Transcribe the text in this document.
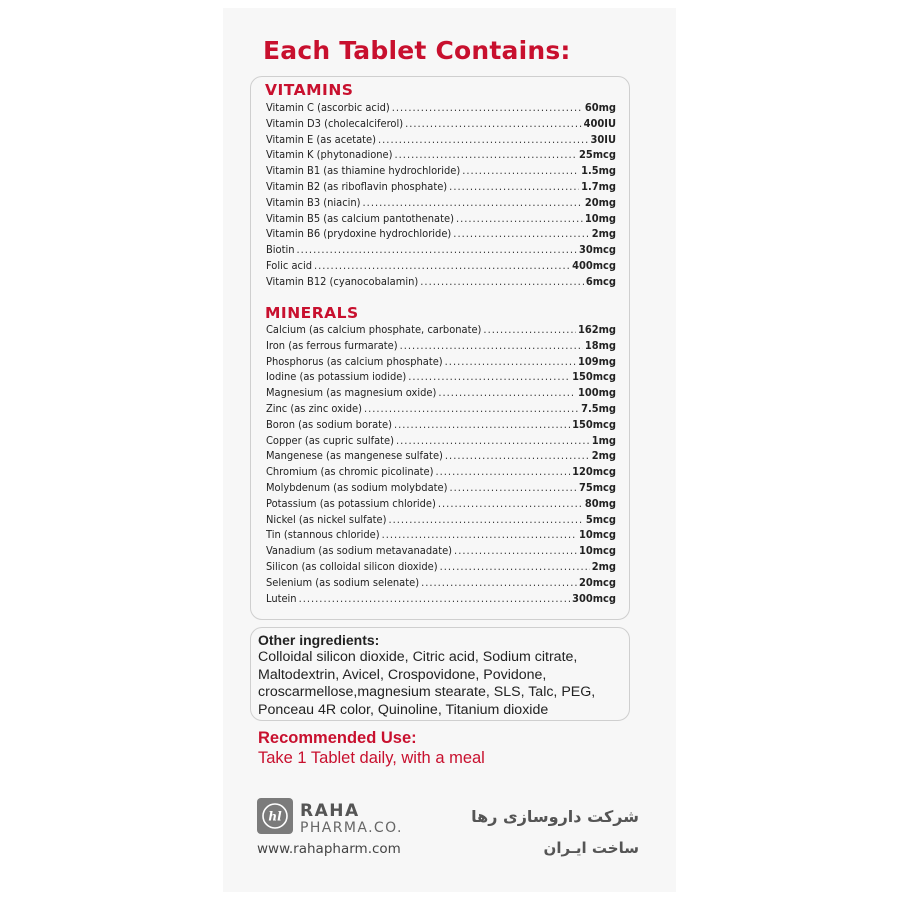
Each Tablet Contains:
VITAMINS
Vitamin C (ascorbic acid) .....	60mg
Vitamin D3 (cholecalciferol) .....	400IU
Vitamin E (as acetate) .....	30IU
Vitamin K (phytonadione) .....	25mcg
Vitamin B1 (as thiamine hydrochloride) .....	1.5mg
Vitamin B2 (as riboflavin phosphate) .....	1.7mg
Vitamin B3 (niacin) .....	20mg
Vitamin B5 (as calcium pantothenate) .....	10mg
Vitamin B6 (prydoxine hydrochloride) .....	2mg
Biotin .....	30mcg
Folic acid .....	400mcg
Vitamin B12 (cyanocobalamin) .....	6mcg
MINERALS
Calcium (as calcium phosphate, carbonate) .....	162mg
Iron (as ferrous furmarate) .....	18mg
Phosphorus (as calcium phosphate) .....	109mg
Iodine (as potassium iodide) .....	150mcg
Magnesium (as magnesium oxide) .....	100mg
Zinc (as zinc oxide) .....	7.5mg
Boron (as sodium borate) .....	150mcg
Copper (as cupric sulfate) .....	1mg
Mangenese (as mangenese sulfate) .....	2mg
Chromium (as chromic picolinate) .....	120mcg
Molybdenum (as sodium molybdate) .....	75mcg
Potassium (as potassium chloride) .....	80mg
Nickel (as nickel sulfate) .....	5mcg
Tin (stannous chloride) .....	10mcg
Vanadium (as sodium metavanadate) .....	10mcg
Silicon (as colloidal silicon dioxide) .....	2mg
Selenium (as sodium selenate) .....	20mcg
Lutein .....	300mcg
Other ingredients:
Colloidal silicon dioxide, Citric acid, Sodium citrate,
Maltodextrin, Avicel, Crospovidone, Povidone,
croscarmellose,magnesium stearate, SLS, Talc, PEG,
Ponceau 4R color, Quinoline, Titanium dioxide
Recommended Use:

Take 1 Tablet daily, with a meal

hl RAHA

PHARMA.CO.

www.rahapharm.com

شرکت داروسازی رها

ساخت ایـران
